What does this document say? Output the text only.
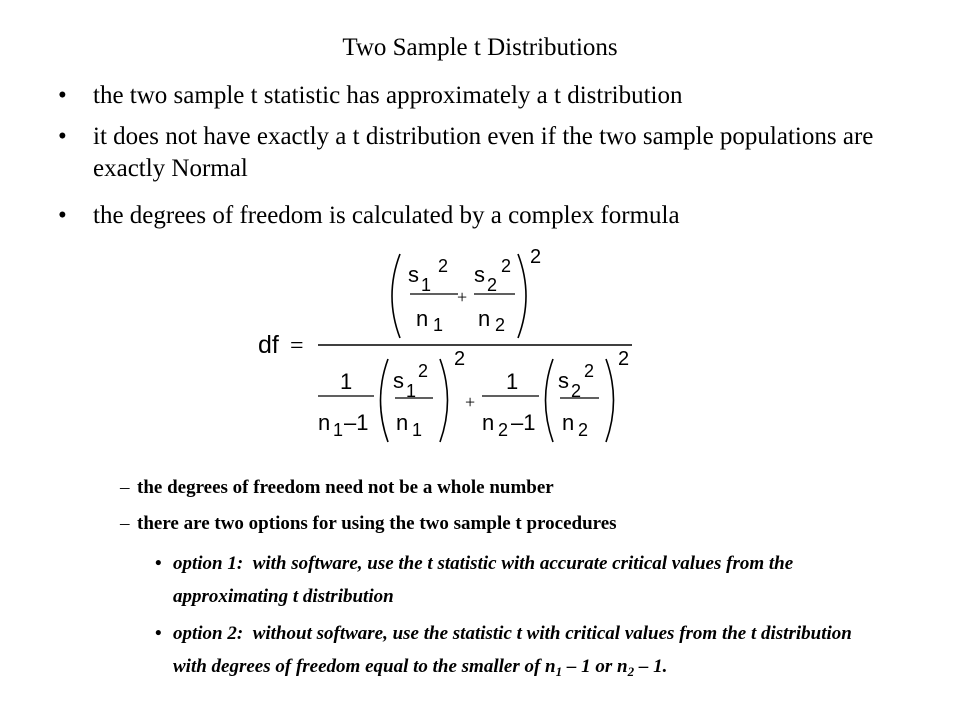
Two Sample t Distributions
• the two sample t statistic has approximately a t distribution
• it does not have exactly a t distribution even if the two sample populations are exactly Normal
• the degrees of freedom is calculated by a complex formula
df =
2
s 1
2
n 1
+
s 2
2
n 2
1
n 1 –1
2
s 1
2
n 1
+
1
n 2 –1
2
s 2
2
n 2
– the degrees of freedom need not be a whole number
– there are two options for using the two sample t procedures
• option 1: with software, use the t statistic with accurate critical values from the approximating t distribution
• option 2: without software, use the statistic t with critical values from the t distribution with degrees of freedom equal to the smaller of $n_1 - 1$ or $n_2 - 1$.
